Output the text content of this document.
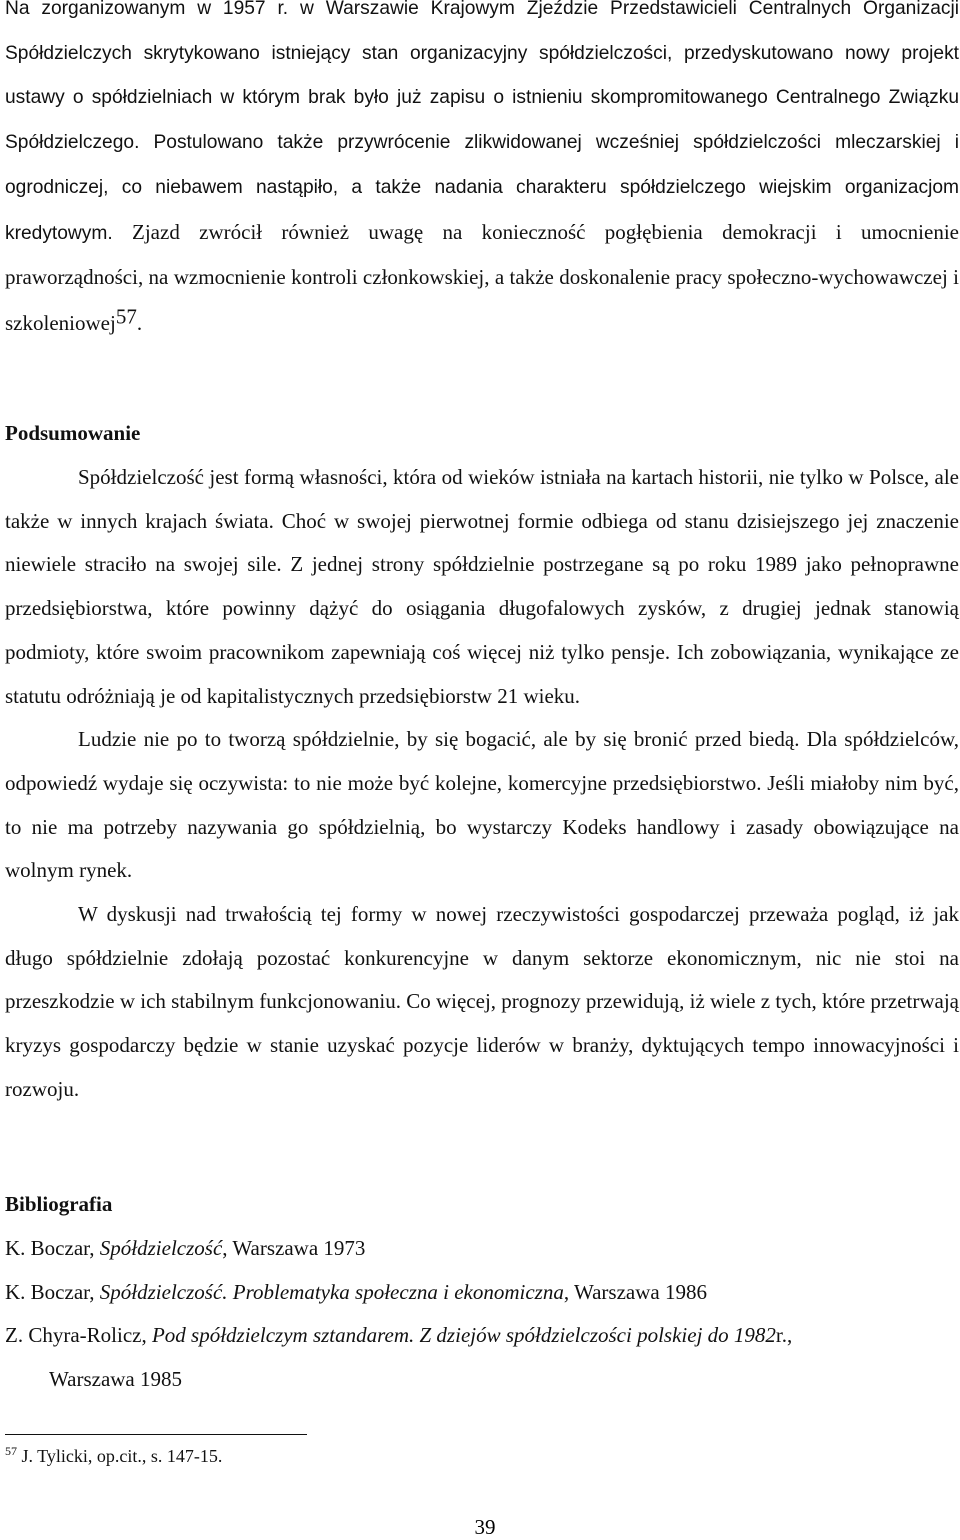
Na zorganizowanym w 1957 r. w Warszawie Krajowym Zjeździe Przedstawicieli Centralnych Organizacji Spółdzielczych skrytykowano istniejący stan organizacyjny spółdzielczości, przedyskutowano nowy projekt ustawy o spółdzielniach w którym brak było już zapisu o istnieniu skompromitowanego Centralnego Związku Spółdzielczego. Postulowano także przywrócenie zlikwidowanej wcześniej spółdzielczości mleczarskiej i ogrodniczej, co niebawem nastąpiło, a także nadania charakteru spółdzielczego wiejskim organizacjom kredytowym. Zjazd zwrócił również uwagę na konieczność pogłębienia demokracji i umocnienie praworządności, na wzmocnienie kontroli członkowskiej, a także doskonalenie pracy społeczno-wychowawczej i szkoleniowej$^{57}$.

Podsumowanie

Spółdzielczość jest formą własności, która od wieków istniała na kartach historii, nie tylko w Polsce, ale także w innych krajach świata. Choć w swojej pierwotnej formie odbiega od stanu dzisiejszego jej znaczenie niewiele straciło na swojej sile. Z jednej strony spółdzielnie postrzegane są po roku 1989 jako pełnoprawne przedsiębiorstwa, które powinny dążyć do osiągania długofalowych zysków, z drugiej jednak stanowią podmioty, które swoim pracownikom zapewniają coś więcej niż tylko pensje. Ich zobowiązania, wynikające ze statutu odróżniają je od kapitalistycznych przedsiębiorstw 21 wieku.

Ludzie nie po to tworzą spółdzielnie, by się bogacić, ale by się bronić przed biedą. Dla spółdzielców, odpowiedź wydaje się oczywista: to nie może być kolejne, komercyjne przedsiębiorstwo. Jeśli miałoby nim być, to nie ma potrzeby nazywania go spółdzielnią, bo wystarczy Kodeks handlowy i zasady obowiązujące na wolnym rynek.

W dyskusji nad trwałością tej formy w nowej rzeczywistości gospodarczej przeważa pogląd, iż jak długo spółdzielnie zdołają pozostać konkurencyjne w danym sektorze ekonomicznym, nic nie stoi na przeszkodzie w ich stabilnym funkcjonowaniu. Co więcej, prognozy przewidują, iż wiele z tych, które przetrwają kryzys gospodarczy będzie w stanie uzyskać pozycje liderów w branży, dyktujących tempo innowacyjności i rozwoju.

Bibliografia

K. Boczar, Spółdzielczość, Warszawa 1973

K. Boczar, Spółdzielczość. Problematyka społeczna i ekonomiczna, Warszawa 1986

Z. Chyra-Rolicz, Pod spółdzielczym sztandarem. Z dziejów spółdzielczości polskiej do 1982r.,

Warszawa 1985

$^{57}$ J. Tylicki, op.cit., s. 147-15.

39
